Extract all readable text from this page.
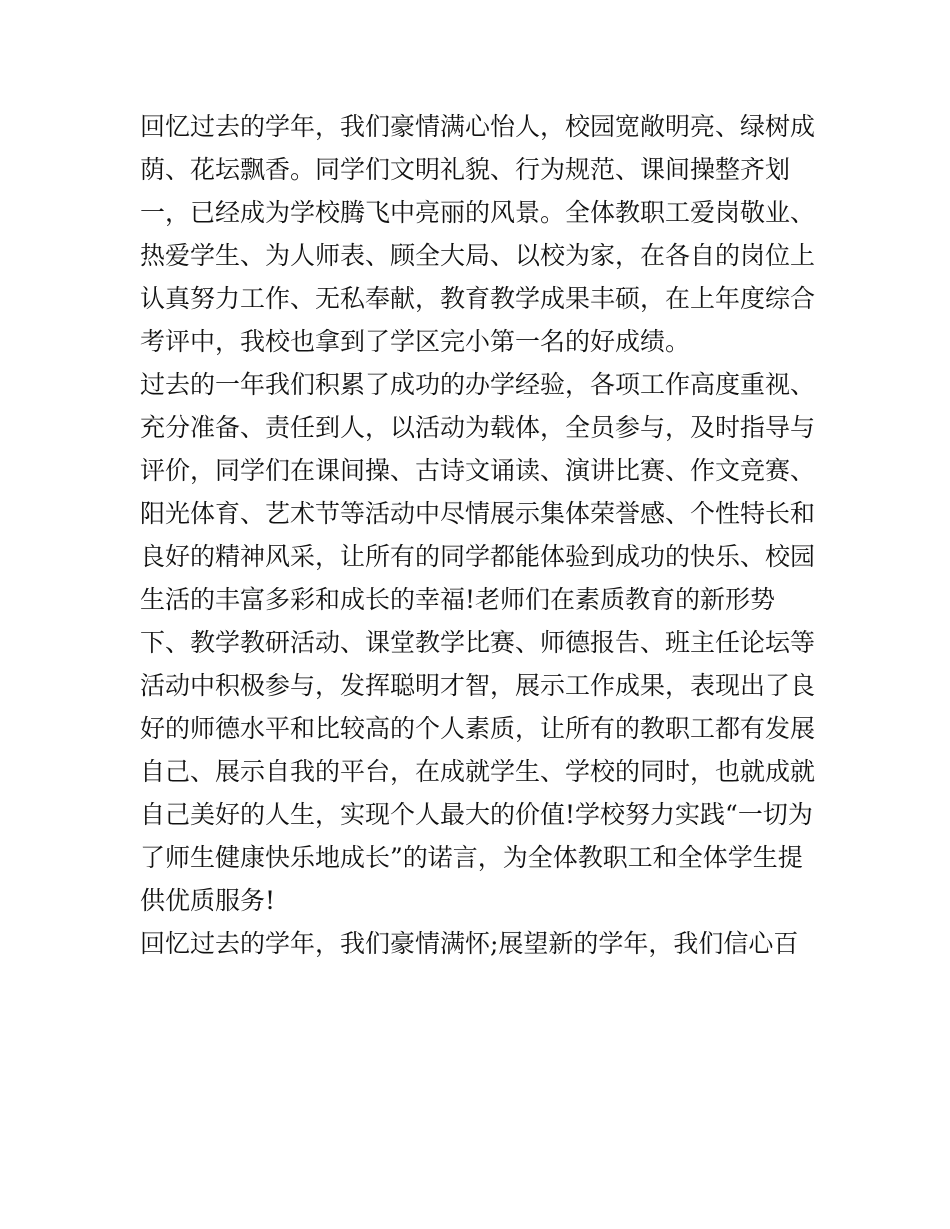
回忆过去的学年，我们豪情满心怡人，校园宽敞明亮、绿树成
荫、花坛飘香。同学们文明礼貌、行为规范、课间操整齐划
一，已经成为学校腾飞中亮丽的风景。全体教职工爱岗敬业、
热爱学生、为人师表、顾全大局、以校为家，在各自的岗位上
认真努力工作、无私奉献，教育教学成果丰硕，在上年度综合
考评中，我校也拿到了学区完小第一名的好成绩。
过去的一年我们积累了成功的办学经验，各项工作高度重视、
充分准备、责任到人，以活动为载体，全员参与，及时指导与
评价，同学们在课间操、古诗文诵读、演讲比赛、作文竞赛、
阳光体育、艺术节等活动中尽情展示集体荣誉感、个性特长和
良好的精神风采，让所有的同学都能体验到成功的快乐、校园
生活的丰富多彩和成长的幸福!老师们在素质教育的新形势
下、教学教研活动、课堂教学比赛、师德报告、班主任论坛等
活动中积极参与，发挥聪明才智，展示工作成果，表现出了良
好的师德水平和比较高的个人素质，让所有的教职工都有发展
自己、展示自我的平台，在成就学生、学校的同时，也就成就
自己美好的人生，实现个人最大的价值!学校努力实践“一切为
了师生健康快乐地成长”的诺言，为全体教职工和全体学生提
供优质服务!
回忆过去的学年，我们豪情满怀;展望新的学年，我们信心百
